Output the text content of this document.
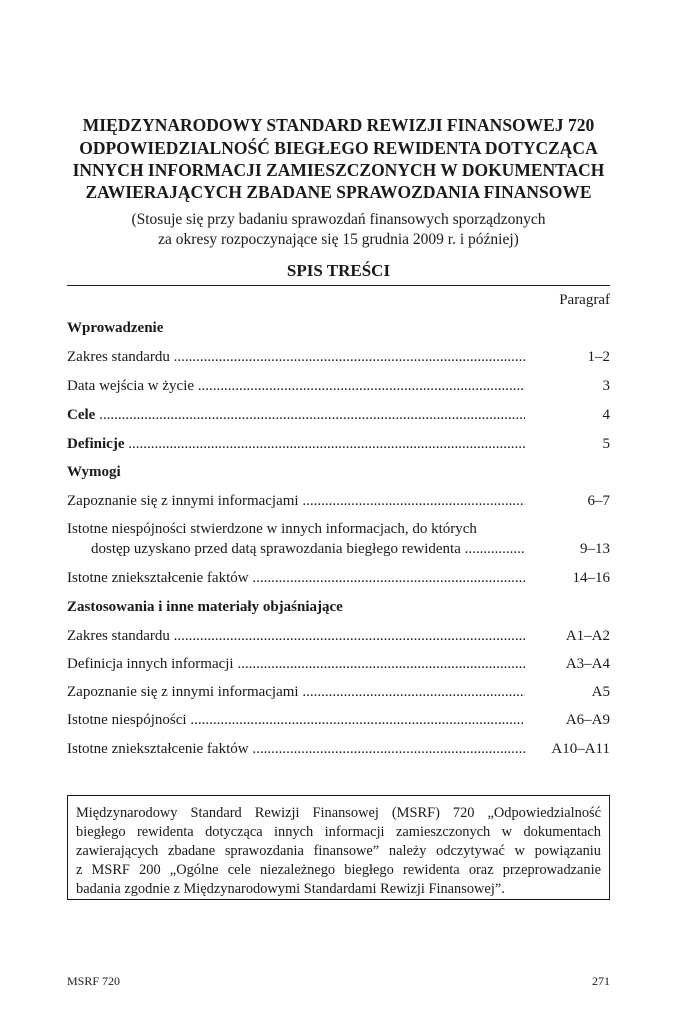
MIĘDZYNARODOWY STANDARD REWIZJI FINANSOWEJ 720
ODPOWIEDZIALNOŚĆ BIEGŁEGO REWIDENTA DOTYCZĄCA
INNYCH INFORMACJI ZAMIESZCZONYCH W DOKUMENTACH
ZAWIERAJĄCYCH ZBADANE SPRAWOZDANIA FINANSOWE
(Stosuje się przy badaniu sprawozdań finansowych sporządzonych
za okresy rozpoczynające się 15 grudnia 2009 r. i później)
SPIS TREŚCI
Paragraf
Wprowadzenie
Zakres standardu .....	1–2
Data wejścia w życie .....	3
Cele .....	4
Definicje .....	5
Wymogi
Zapoznanie się z innymi informacjami .....	6–7
Istotne niespójności stwierdzone w innych informacjach, do których
dostęp uzyskano przed datą sprawozdania biegłego rewidenta .....	9–13
Istotne zniekształcenie faktów .....	14–16
Zastosowania i inne materiały objaśniające
Zakres standardu .....	A1–A2
Definicja innych informacji .....	A3–A4
Zapoznanie się z innymi informacjami .....	A5
Istotne niespójności .....	A6–A9
Istotne zniekształcenie faktów .....	A10–A11
Międzynarodowy Standard Rewizji Finansowej (MSRF) 720 „Odpowiedzialność
biegłego rewidenta dotycząca innych informacji zamieszczonych w dokumentach
zawierających zbadane sprawozdania finansowe” należy odczytywać w powiązaniu
z MSRF 200 „Ogólne cele niezależnego biegłego rewidenta oraz przeprowadzanie
badania zgodnie z Międzynarodowymi Standardami Rewizji Finansowej”.
MSRF 720	271
